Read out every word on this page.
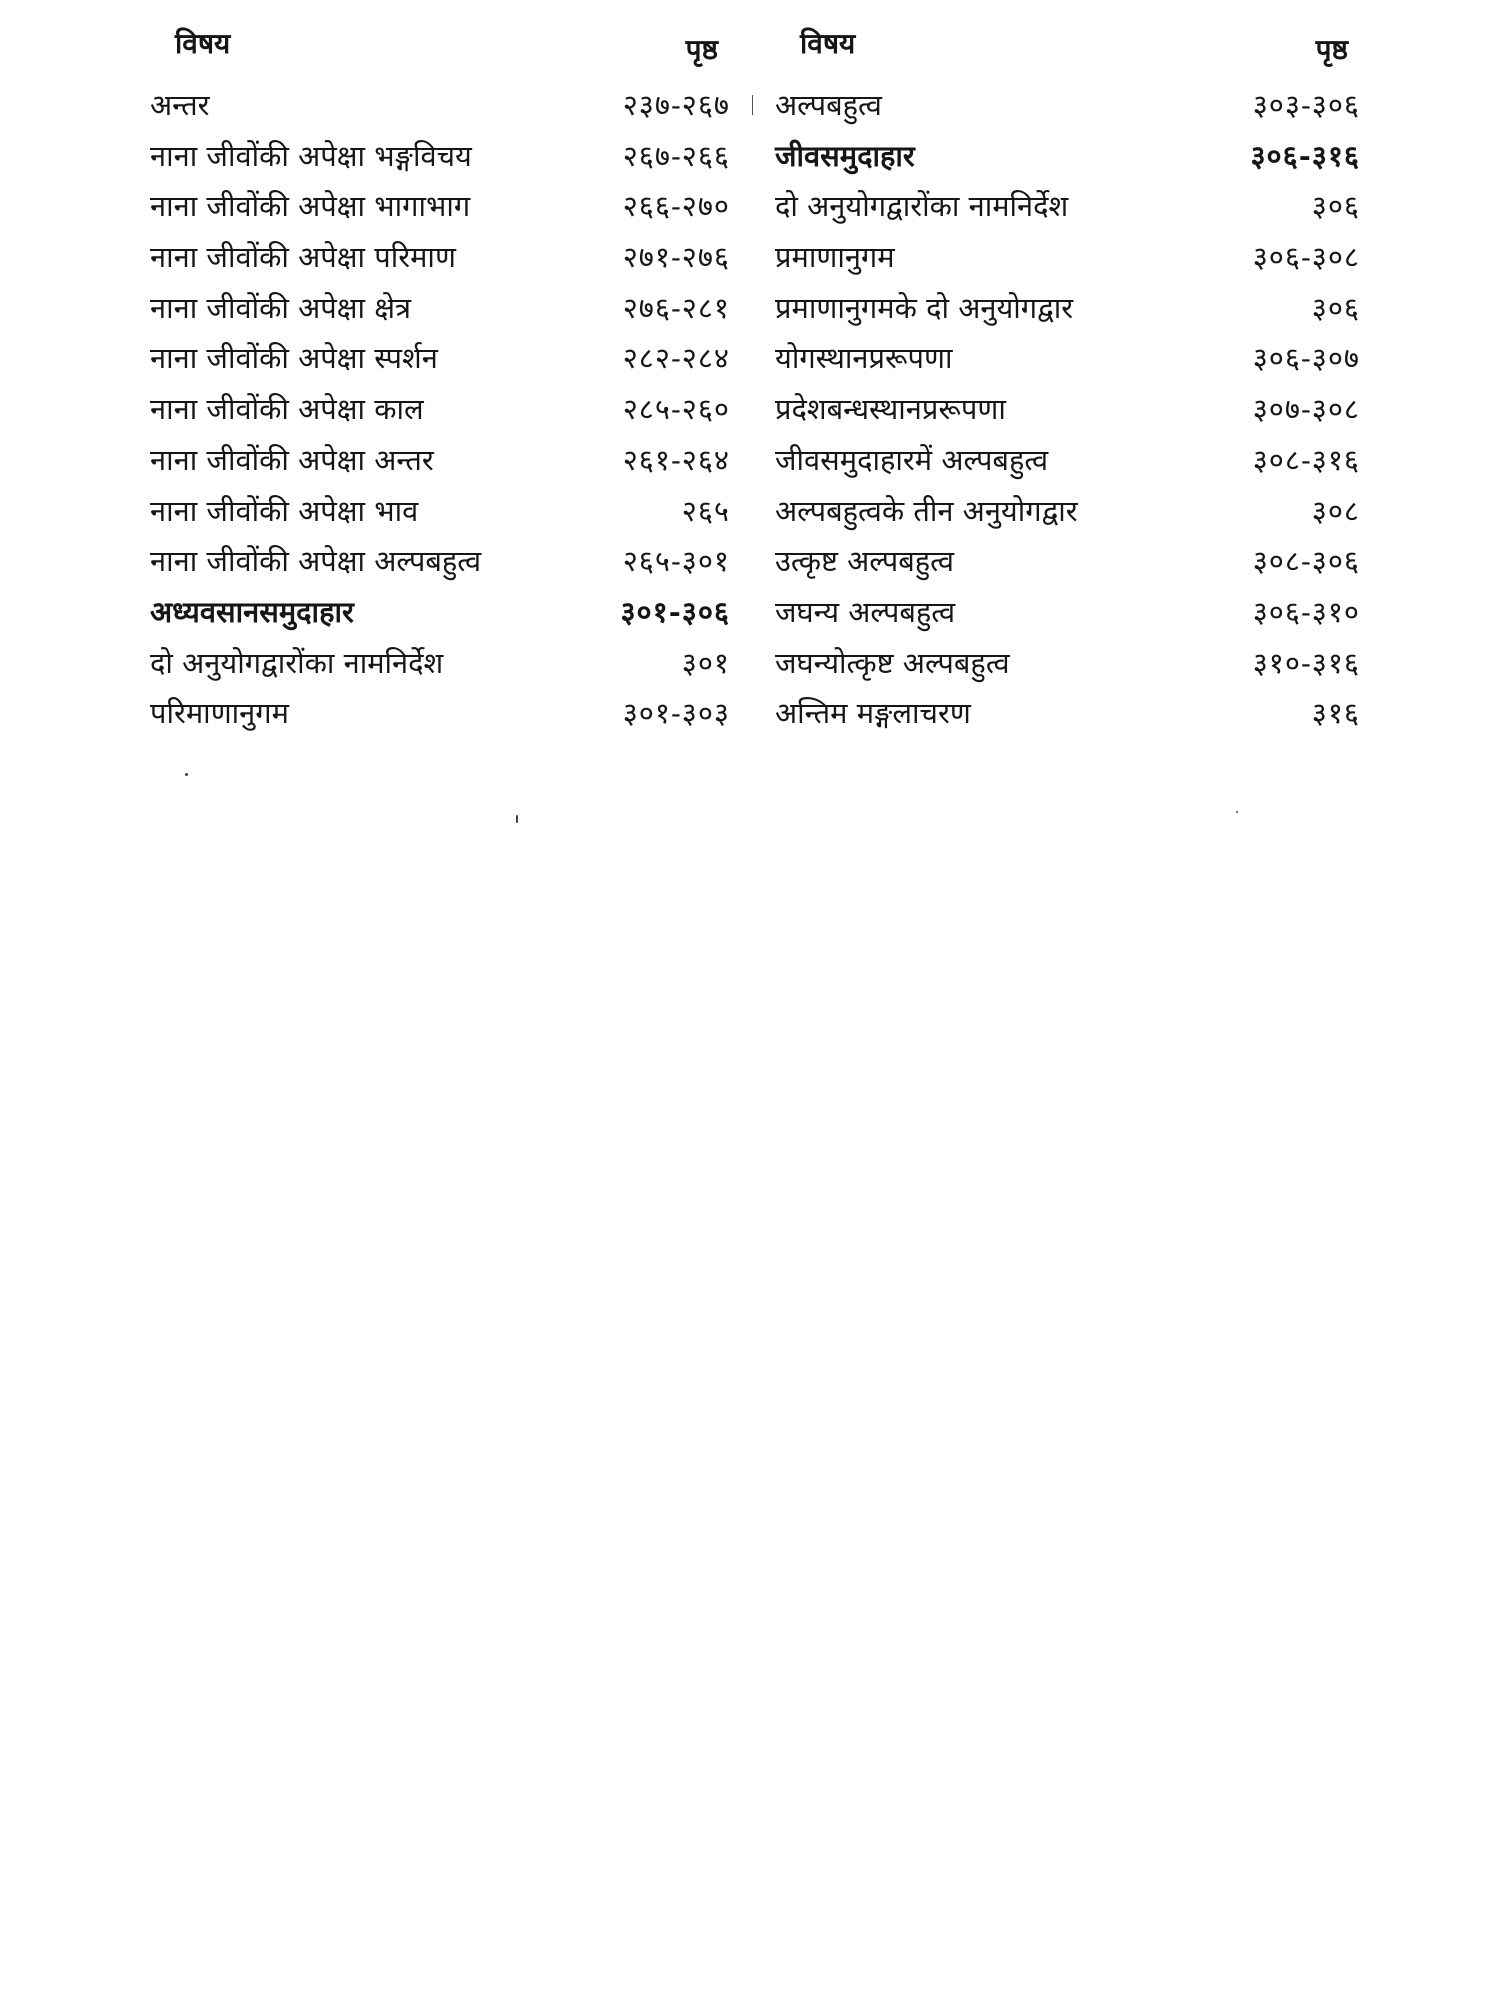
विषय	पृष्ठ
अन्तर	२३७-२६७
नाना जीवोंकी अपेक्षा भङ्गविचय	२६७-२६६
नाना जीवोंकी अपेक्षा भागाभाग	२६६-२७०
नाना जीवोंकी अपेक्षा परिमाण	२७१-२७६
नाना जीवोंकी अपेक्षा क्षेत्र	२७६-२८१
नाना जीवोंकी अपेक्षा स्पर्शन	२८२-२८४
नाना जीवोंकी अपेक्षा काल	२८५-२६०
नाना जीवोंकी अपेक्षा अन्तर	२६१-२६४
नाना जीवोंकी अपेक्षा भाव	२६५
नाना जीवोंकी अपेक्षा अल्पबहुत्व	२६५-३०१
अध्यवसानसमुदाहार	३०१-३०६
दो अनुयोगद्वारोंका नामनिर्देश	३०१
परिमाणानुगम	३०१-३०३
विषय	पृष्ठ
अल्पबहुत्व	३०३-३०६
जीवसमुदाहार	३०६-३१६
दो अनुयोगद्वारोंका नामनिर्देश	३०६
प्रमाणानुगम	३०६-३०८
प्रमाणानुगमके दो अनुयोगद्वार	३०६
योगस्थानप्ररूपणा	३०६-३०७
प्रदेशबन्धस्थानप्ररूपणा	३०७-३०८
जीवसमुदाहारमें अल्पबहुत्व	३०८-३१६
अल्पबहुत्वके तीन अनुयोगद्वार	३०८
उत्कृष्ट अल्पबहुत्व	३०८-३०६
जघन्य अल्पबहुत्व	३०६-३१०
जघन्योत्कृष्ट अल्पबहुत्व	३१०-३१६
अन्तिम मङ्गलाचरण	३१६
